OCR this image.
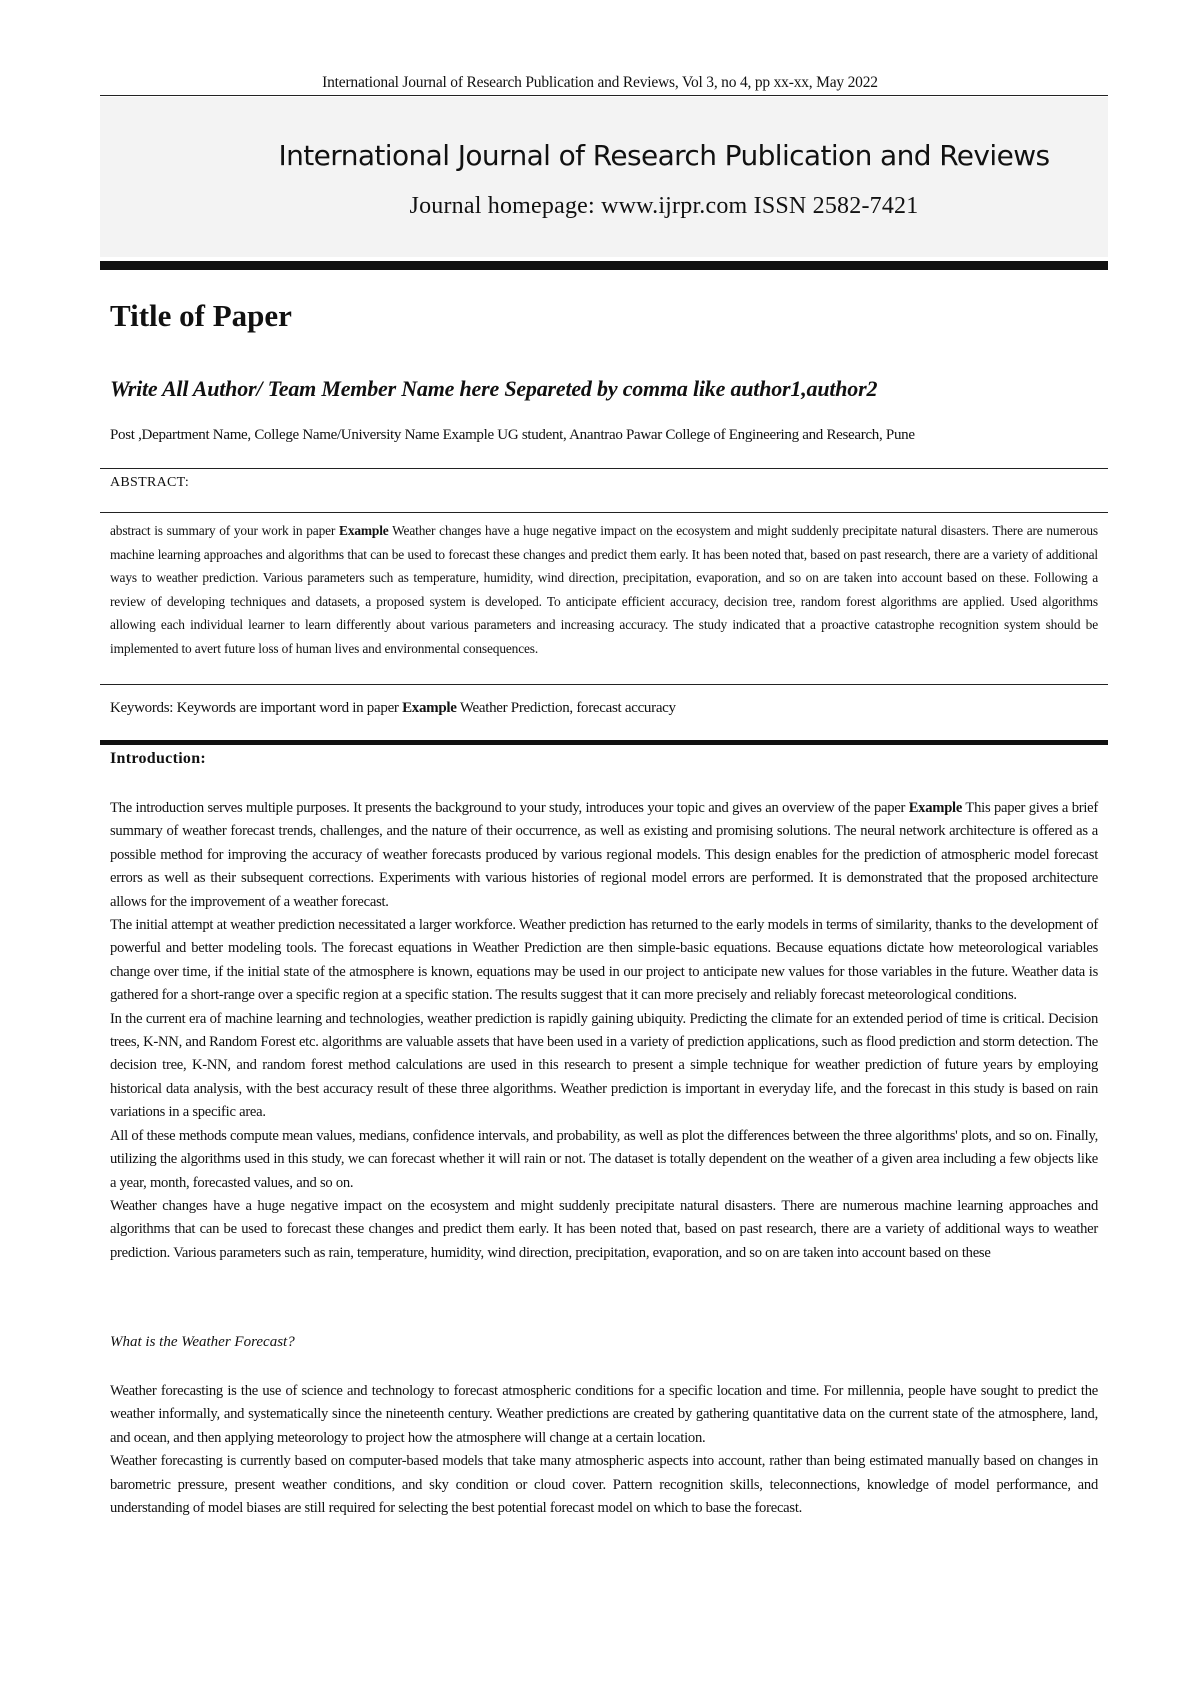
International Journal of Research Publication and Reviews, Vol 3, no 4, pp xx-xx, May 2022
International Journal of Research Publication and Reviews
Journal homepage: www.ijrpr.com ISSN 2582-7421
Title of Paper
Write All Author/ Team Member Name here Separeted by comma like author1,author2
Post ,Department Name, College Name/University Name Example UG student, Anantrao Pawar College of Engineering and Research, Pune
ABSTRACT:
abstract is summary of your work in paper Example Weather changes have a huge negative impact on the ecosystem and might suddenly precipitate natural disasters. There are numerous machine learning approaches and algorithms that can be used to forecast these changes and predict them early. It has been noted that, based on past research, there are a variety of additional ways to weather prediction. Various parameters such as temperature, humidity, wind direction, precipitation, evaporation, and so on are taken into account based on these. Following a review of developing techniques and datasets, a proposed system is developed. To anticipate efficient accuracy, decision tree, random forest algorithms are applied. Used algorithms allowing each individual learner to learn differently about various parameters and increasing accuracy. The study indicated that a proactive catastrophe recognition system should be implemented to avert future loss of human lives and environmental consequences.
Keywords: Keywords are important word in paper Example Weather Prediction, forecast accuracy
Introduction:

The introduction serves multiple purposes. It presents the background to your study, introduces your topic and gives an overview of the paper Example This paper gives a brief summary of weather forecast trends, challenges, and the nature of their occurrence, as well as existing and promising solutions. The neural network architecture is offered as a possible method for improving the accuracy of weather forecasts produced by various regional models. This design enables for the prediction of atmospheric model forecast errors as well as their subsequent corrections. Experiments with various histories of regional model errors are performed. It is demonstrated that the proposed architecture allows for the improvement of a weather forecast.

The initial attempt at weather prediction necessitated a larger workforce. Weather prediction has returned to the early models in terms of similarity, thanks to the development of powerful and better modeling tools. The forecast equations in Weather Prediction are then simple-basic equations. Because equations dictate how meteorological variables change over time, if the initial state of the atmosphere is known, equations may be used in our project to anticipate new values for those variables in the future. Weather data is gathered for a short-range over a specific region at a specific station. The results suggest that it can more precisely and reliably forecast meteorological conditions.

In the current era of machine learning and technologies, weather prediction is rapidly gaining ubiquity. Predicting the climate for an extended period of time is critical. Decision trees, K-NN, and Random Forest etc. algorithms are valuable assets that have been used in a variety of prediction applications, such as flood prediction and storm detection. The decision tree, K-NN, and random forest method calculations are used in this research to present a simple technique for weather prediction of future years by employing historical data analysis, with the best accuracy result of these three algorithms. Weather prediction is important in everyday life, and the forecast in this study is based on rain variations in a specific area.

All of these methods compute mean values, medians, confidence intervals, and probability, as well as plot the differences between the three algorithms' plots, and so on. Finally, utilizing the algorithms used in this study, we can forecast whether it will rain or not. The dataset is totally dependent on the weather of a given area including a few objects like a year, month, forecasted values, and so on.

Weather changes have a huge negative impact on the ecosystem and might suddenly precipitate natural disasters. There are numerous machine learning approaches and algorithms that can be used to forecast these changes and predict them early. It has been noted that, based on past research, there are a variety of additional ways to weather prediction. Various parameters such as rain, temperature, humidity, wind direction, precipitation, evaporation, and so on are taken into account based on these

What is the Weather Forecast?

Weather forecasting is the use of science and technology to forecast atmospheric conditions for a specific location and time. For millennia, people have sought to predict the weather informally, and systematically since the nineteenth century. Weather predictions are created by gathering quantitative data on the current state of the atmosphere, land, and ocean, and then applying meteorology to project how the atmosphere will change at a certain location.

Weather forecasting is currently based on computer-based models that take many atmospheric aspects into account, rather than being estimated manually based on changes in barometric pressure, present weather conditions, and sky condition or cloud cover. Pattern recognition skills, teleconnections, knowledge of model performance, and understanding of model biases are still required for selecting the best potential forecast model on which to base the forecast.
